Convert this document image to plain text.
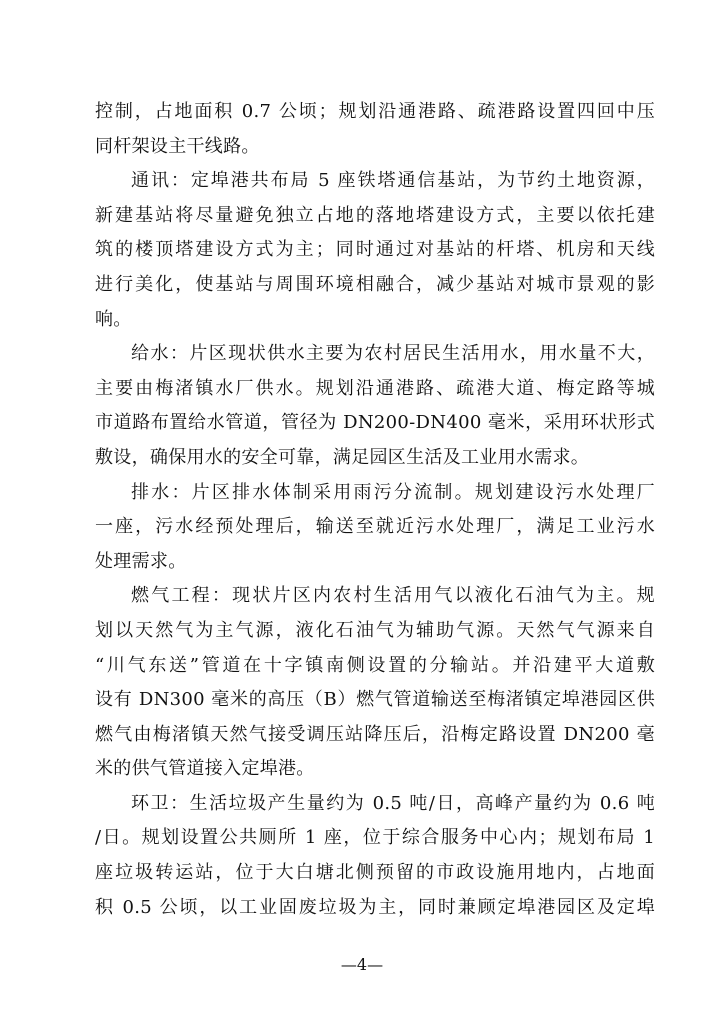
控制，占地面积 0.7 公顷；规划沿通港路、疏港路设置四回中压
同杆架设主干线路。
通讯：定埠港共布局 5 座铁塔通信基站，为节约土地资源，
新建基站将尽量避免独立占地的落地塔建设方式，主要以依托建
筑的楼顶塔建设方式为主；同时通过对基站的杆塔、机房和天线
进行美化，使基站与周围环境相融合，减少基站对城市景观的影
响。
给水：片区现状供水主要为农村居民生活用水，用水量不大，
主要由梅渚镇水厂供水。规划沿通港路、疏港大道、梅定路等城
市道路布置给水管道，管径为 DN200-DN400 毫米，采用环状形式
敷设，确保用水的安全可靠，满足园区生活及工业用水需求。
排水：片区排水体制采用雨污分流制。规划建设污水处理厂
一座，污水经预处理后，输送至就近污水处理厂，满足工业污水
处理需求。
燃气工程：现状片区内农村生活用气以液化石油气为主。规
划以天然气为主气源，液化石油气为辅助气源。天然气气源来自
“川气东送”管道在十字镇南侧设置的分输站。并沿建平大道敷
设有 DN300 毫米的高压（B）燃气管道输送至梅渚镇定埠港园区供
燃气由梅渚镇天然气接受调压站降压后，沿梅定路设置 DN200 毫
米的供气管道接入定埠港。
环卫：生活垃圾产生量约为 0.5 吨/日，高峰产量约为 0.6 吨
/日。规划设置公共厕所 1 座，位于综合服务中心内；规划布局 1
座垃圾转运站，位于大白塘北侧预留的市政设施用地内，占地面
积 0.5 公顷，以工业固废垃圾为主，同时兼顾定埠港园区及定埠
—4—
